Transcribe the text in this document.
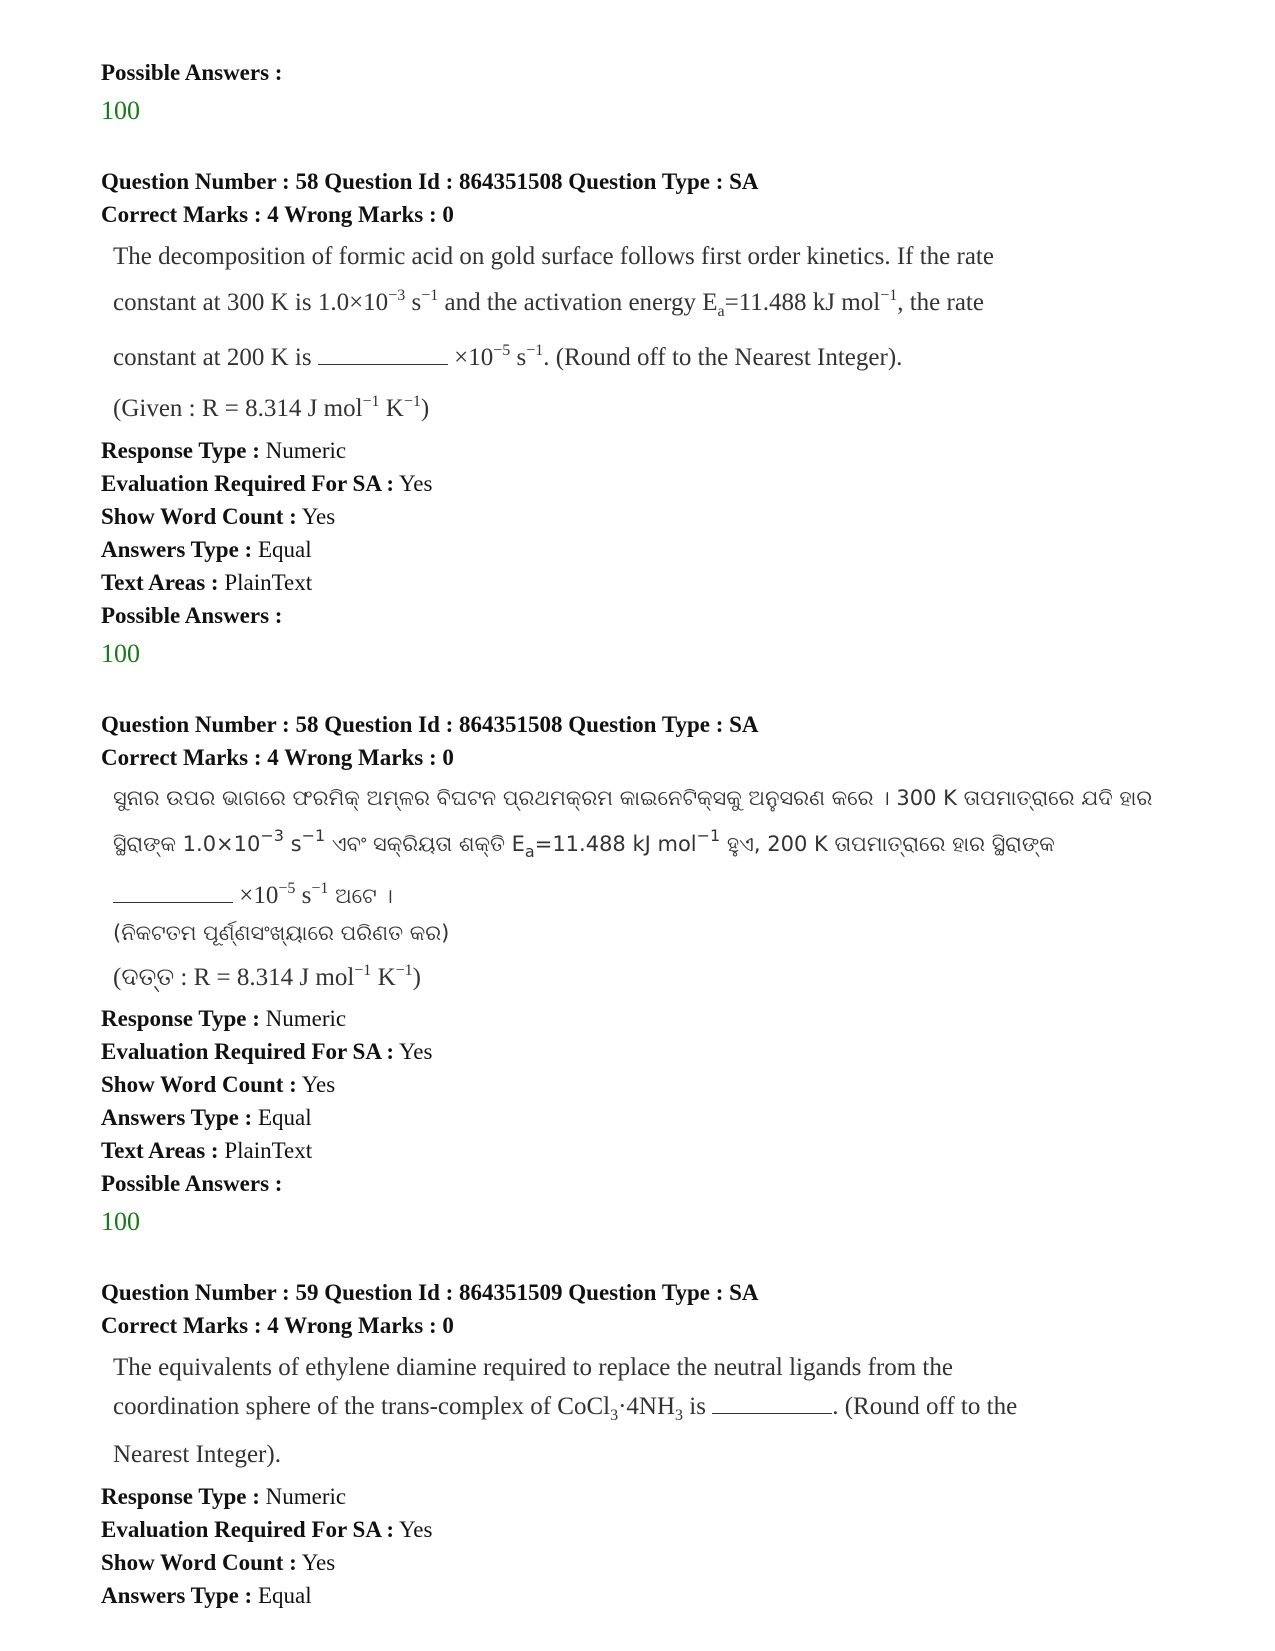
Possible Answers :
100
Question Number : 58 Question Id : 864351508 Question Type : SA
Correct Marks : 4 Wrong Marks : 0

The decomposition of formic acid on gold surface follows first order kinetics. If the rate

constant at 300 K is $1.0\times 10^{-3}$ $s^{-1}$ and the activation energy $E_a=11.488$ kJ mol$^{-1}$, the rate

constant at 200 K is	$\times 10^{-5}$ $s^{-1}$. (Round off to the Nearest Integer).

(Given : R = 8.314 J mol$^{-1}$ $K^{-1}$)

Response Type : Numeric
Evaluation Required For SA : Yes
Show Word Count : Yes
Answers Type : Equal
Text Areas : PlainText
Possible Answers :
100
Question Number : 58 Question Id : 864351508 Question Type : SA
Correct Marks : 4 Wrong Marks : 0

ସୁନାର ଉପର ଭାଗରେ ଫରମିକ୍ ଅମ୍ଳର ବିଘଟନ ପ୍ରଥମକ୍ରମ କାଇନେଟିକ୍ସକୁ ଅନୁସରଣ କରେ । 300 K ତାପମାତ୍ରାରେ ଯଦି ହାର

ସ୍ଥିରାଙ୍କ $1.0\times 10^{-3}$ $s^{-1}$ ଏବଂ ସକ୍ରିୟତା ଶକ୍ତି $E_a=11.488$ kJ mol$^{-1}$ ହୁଏ, 200 K ତାପମାତ୍ରାରେ ହାର ସ୍ଥିରାଙ୍କ

$\times 10^{-5}$ $s^{-1}$ ଅଟେ ।

(ନିକଟତମ ପୂର୍ଣ୍ଣସଂଖ୍ୟାରେ ପରିଣତ କର)

(ଦତ୍ତ : R = 8.314 J mol$^{-1}$ $K^{-1}$)

Response Type : Numeric
Evaluation Required For SA : Yes
Show Word Count : Yes
Answers Type : Equal
Text Areas : PlainText
Possible Answers :
100
Question Number : 59 Question Id : 864351509 Question Type : SA
Correct Marks : 4 Wrong Marks : 0

The equivalents of ethylene diamine required to replace the neutral ligands from the

coordination sphere of the trans-complex of $CoCl_3\cdot 4NH_3$ is	. (Round off to the

Nearest Integer).

Response Type : Numeric
Evaluation Required For SA : Yes
Show Word Count : Yes
Answers Type : Equal
